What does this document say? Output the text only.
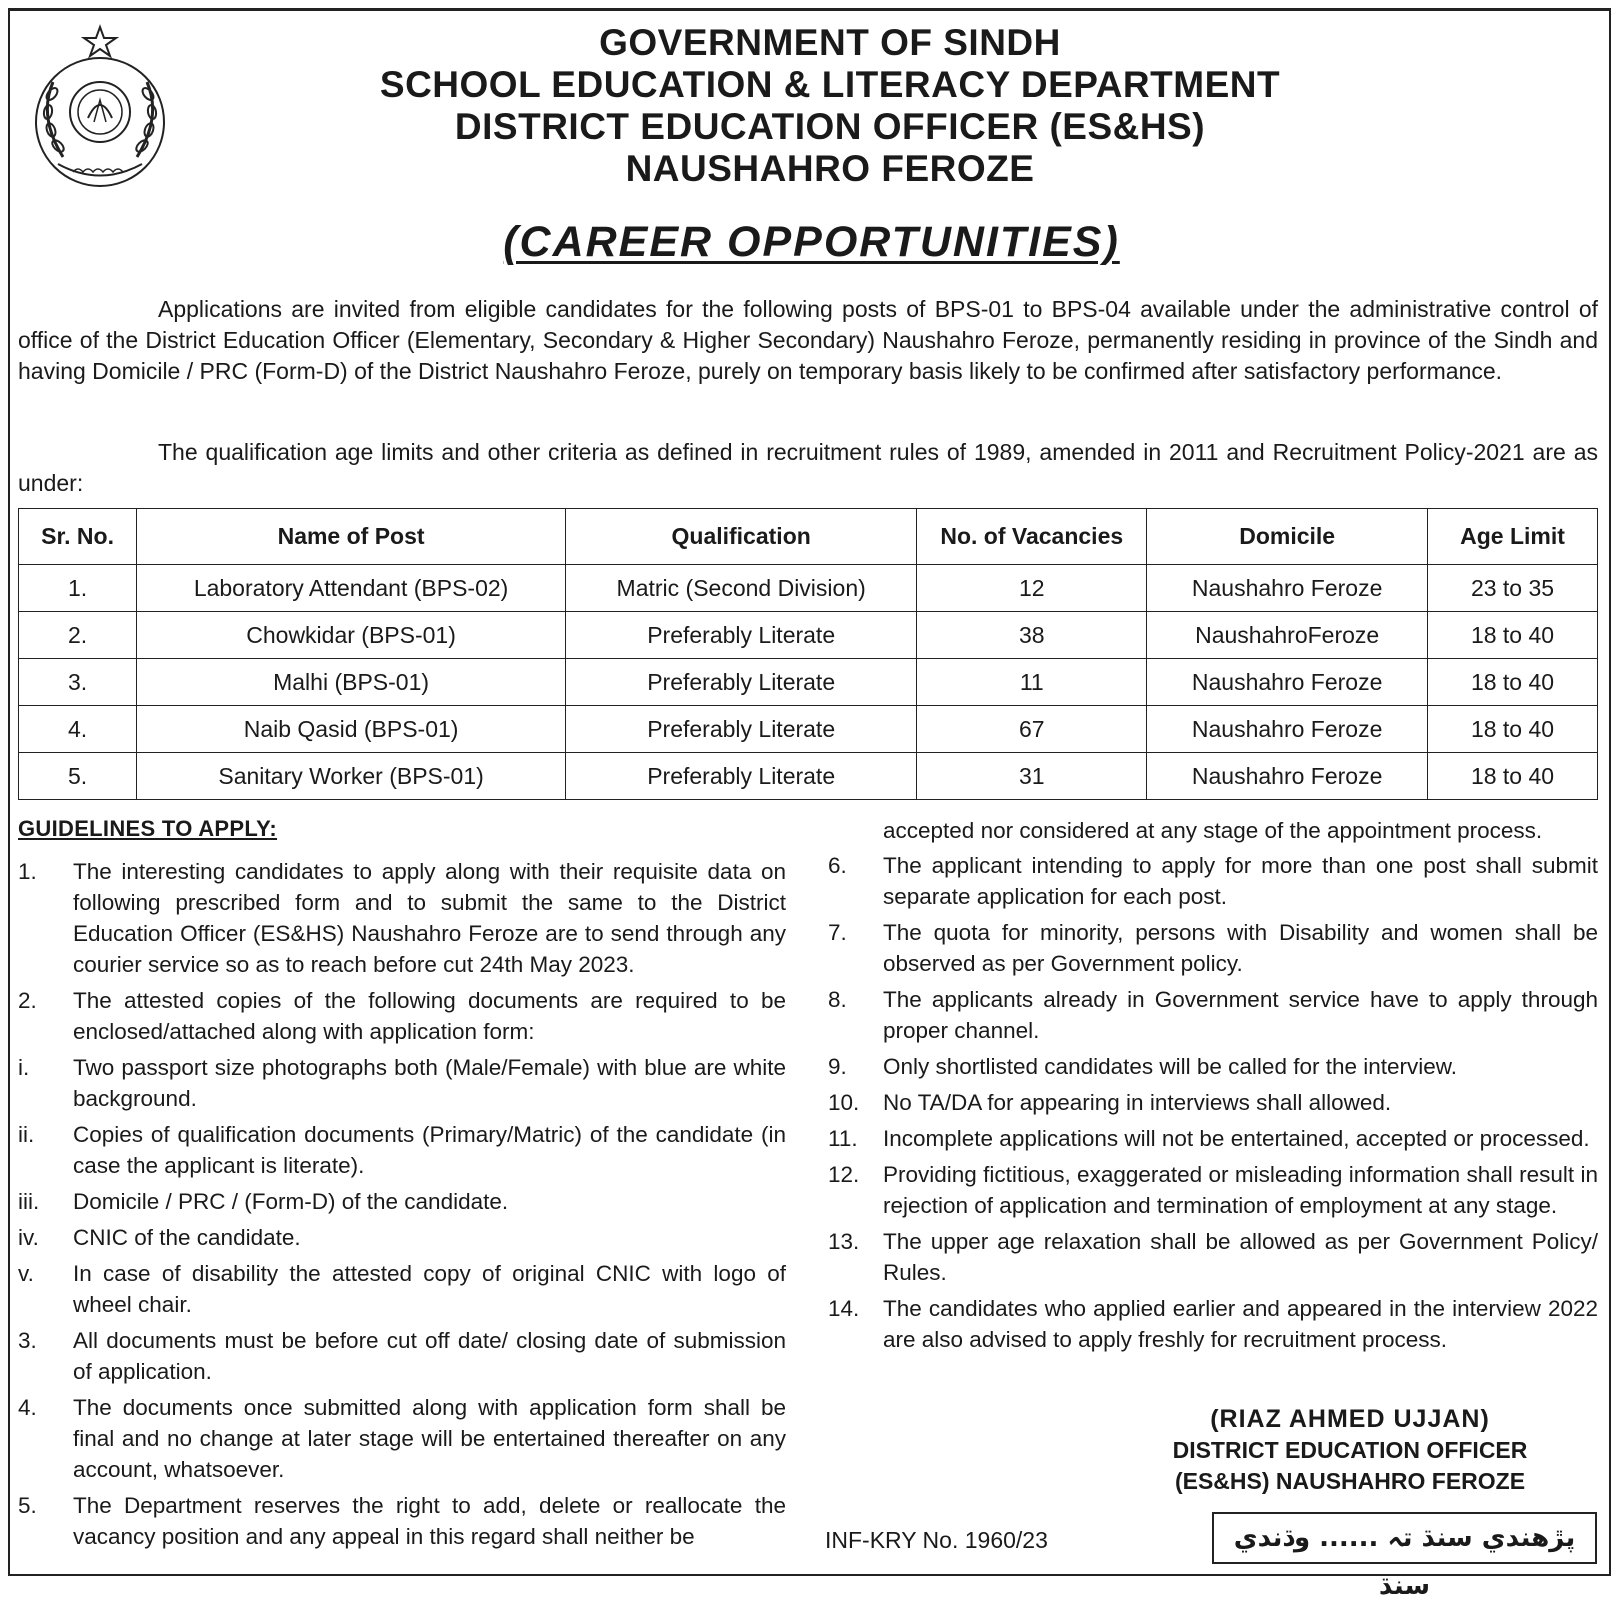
GOVERNMENT OF SINDH
SCHOOL EDUCATION & LITERACY DEPARTMENT
DISTRICT EDUCATION OFFICER (ES&HS)
NAUSHAHRO FEROZE
(CAREER OPPORTUNITIES)
Applications are invited from eligible candidates for the following posts of BPS-01 to BPS-04 available under the administrative control of office of the District Education Officer (Elementary, Secondary & Higher Secondary) Naushahro Feroze, permanently residing in province of the Sindh and having Domicile / PRC (Form-D) of the District Naushahro Feroze, purely on temporary basis likely to be confirmed after satisfactory performance.
The qualification age limits and other criteria as defined in recruitment rules of 1989, amended in 2011 and Recruitment Policy-2021 are as under:
Sr. No.	Name of Post	Qualification	No. of Vacancies	Domicile	Age Limit
1.	Laboratory Attendant (BPS-02)	Matric (Second Division)	12	Naushahro Feroze	23 to 35
2.	Chowkidar (BPS-01)	Preferably Literate	38	NaushahroFeroze	18 to 40
3.	Malhi (BPS-01)	Preferably Literate	11	Naushahro Feroze	18 to 40
4.	Naib Qasid (BPS-01)	Preferably Literate	67	Naushahro Feroze	18 to 40
5.	Sanitary Worker (BPS-01)	Preferably Literate	31	Naushahro Feroze	18 to 40
GUIDELINES TO APPLY:
1.	The interesting candidates to apply along with their requisite data on following prescribed form and to submit the same to the District Education Officer (ES&HS) Naushahro Feroze are to send through any courier service so as to reach before cut 24th May 2023.
2.	The attested copies of the following documents are required to be enclosed/attached along with application form:
i.	Two passport size photographs both (Male/Female) with blue are white background.
ii.	Copies of qualification documents (Primary/Matric) of the candidate (in case the applicant is literate).
iii.	Domicile / PRC / (Form-D) of the candidate.
iv.	CNIC of the candidate.
v.	In case of disability the attested copy of original CNIC with logo of wheel chair.
3.	All documents must be before cut off date/ closing date of submission of application.
4.	The documents once submitted along with application form shall be final and no change at later stage will be entertained thereafter on any account, whatsoever.
5.	The Department reserves the right to add, delete or reallocate the vacancy position and any appeal in this regard shall neither be
accepted nor considered at any stage of the appointment process.
6.	The applicant intending to apply for more than one post shall submit separate application for each post.
7.	The quota for minority, persons with Disability and women shall be observed as per Government policy.
8.	The applicants already in Government service have to apply through proper channel.
9.	Only shortlisted candidates will be called for the interview.
10.	No TA/DA for appearing in interviews shall allowed.
11.	Incomplete applications will not be entertained, accepted or processed.
12.	Providing fictitious, exaggerated or misleading information shall result in rejection of application and termination of employment at any stage.
13.	The upper age relaxation shall be allowed as per Government Policy/ Rules.
14.	The candidates who applied earlier and appeared in the interview 2022 are also advised to apply freshly for recruitment process.
(RIAZ AHMED UJJAN)
DISTRICT EDUCATION OFFICER
(ES&HS) NAUSHAHRO FEROZE
INF-KRY No. 1960/23	پڙهندي سنڌ تہ ...... وڌندي سنڌ
